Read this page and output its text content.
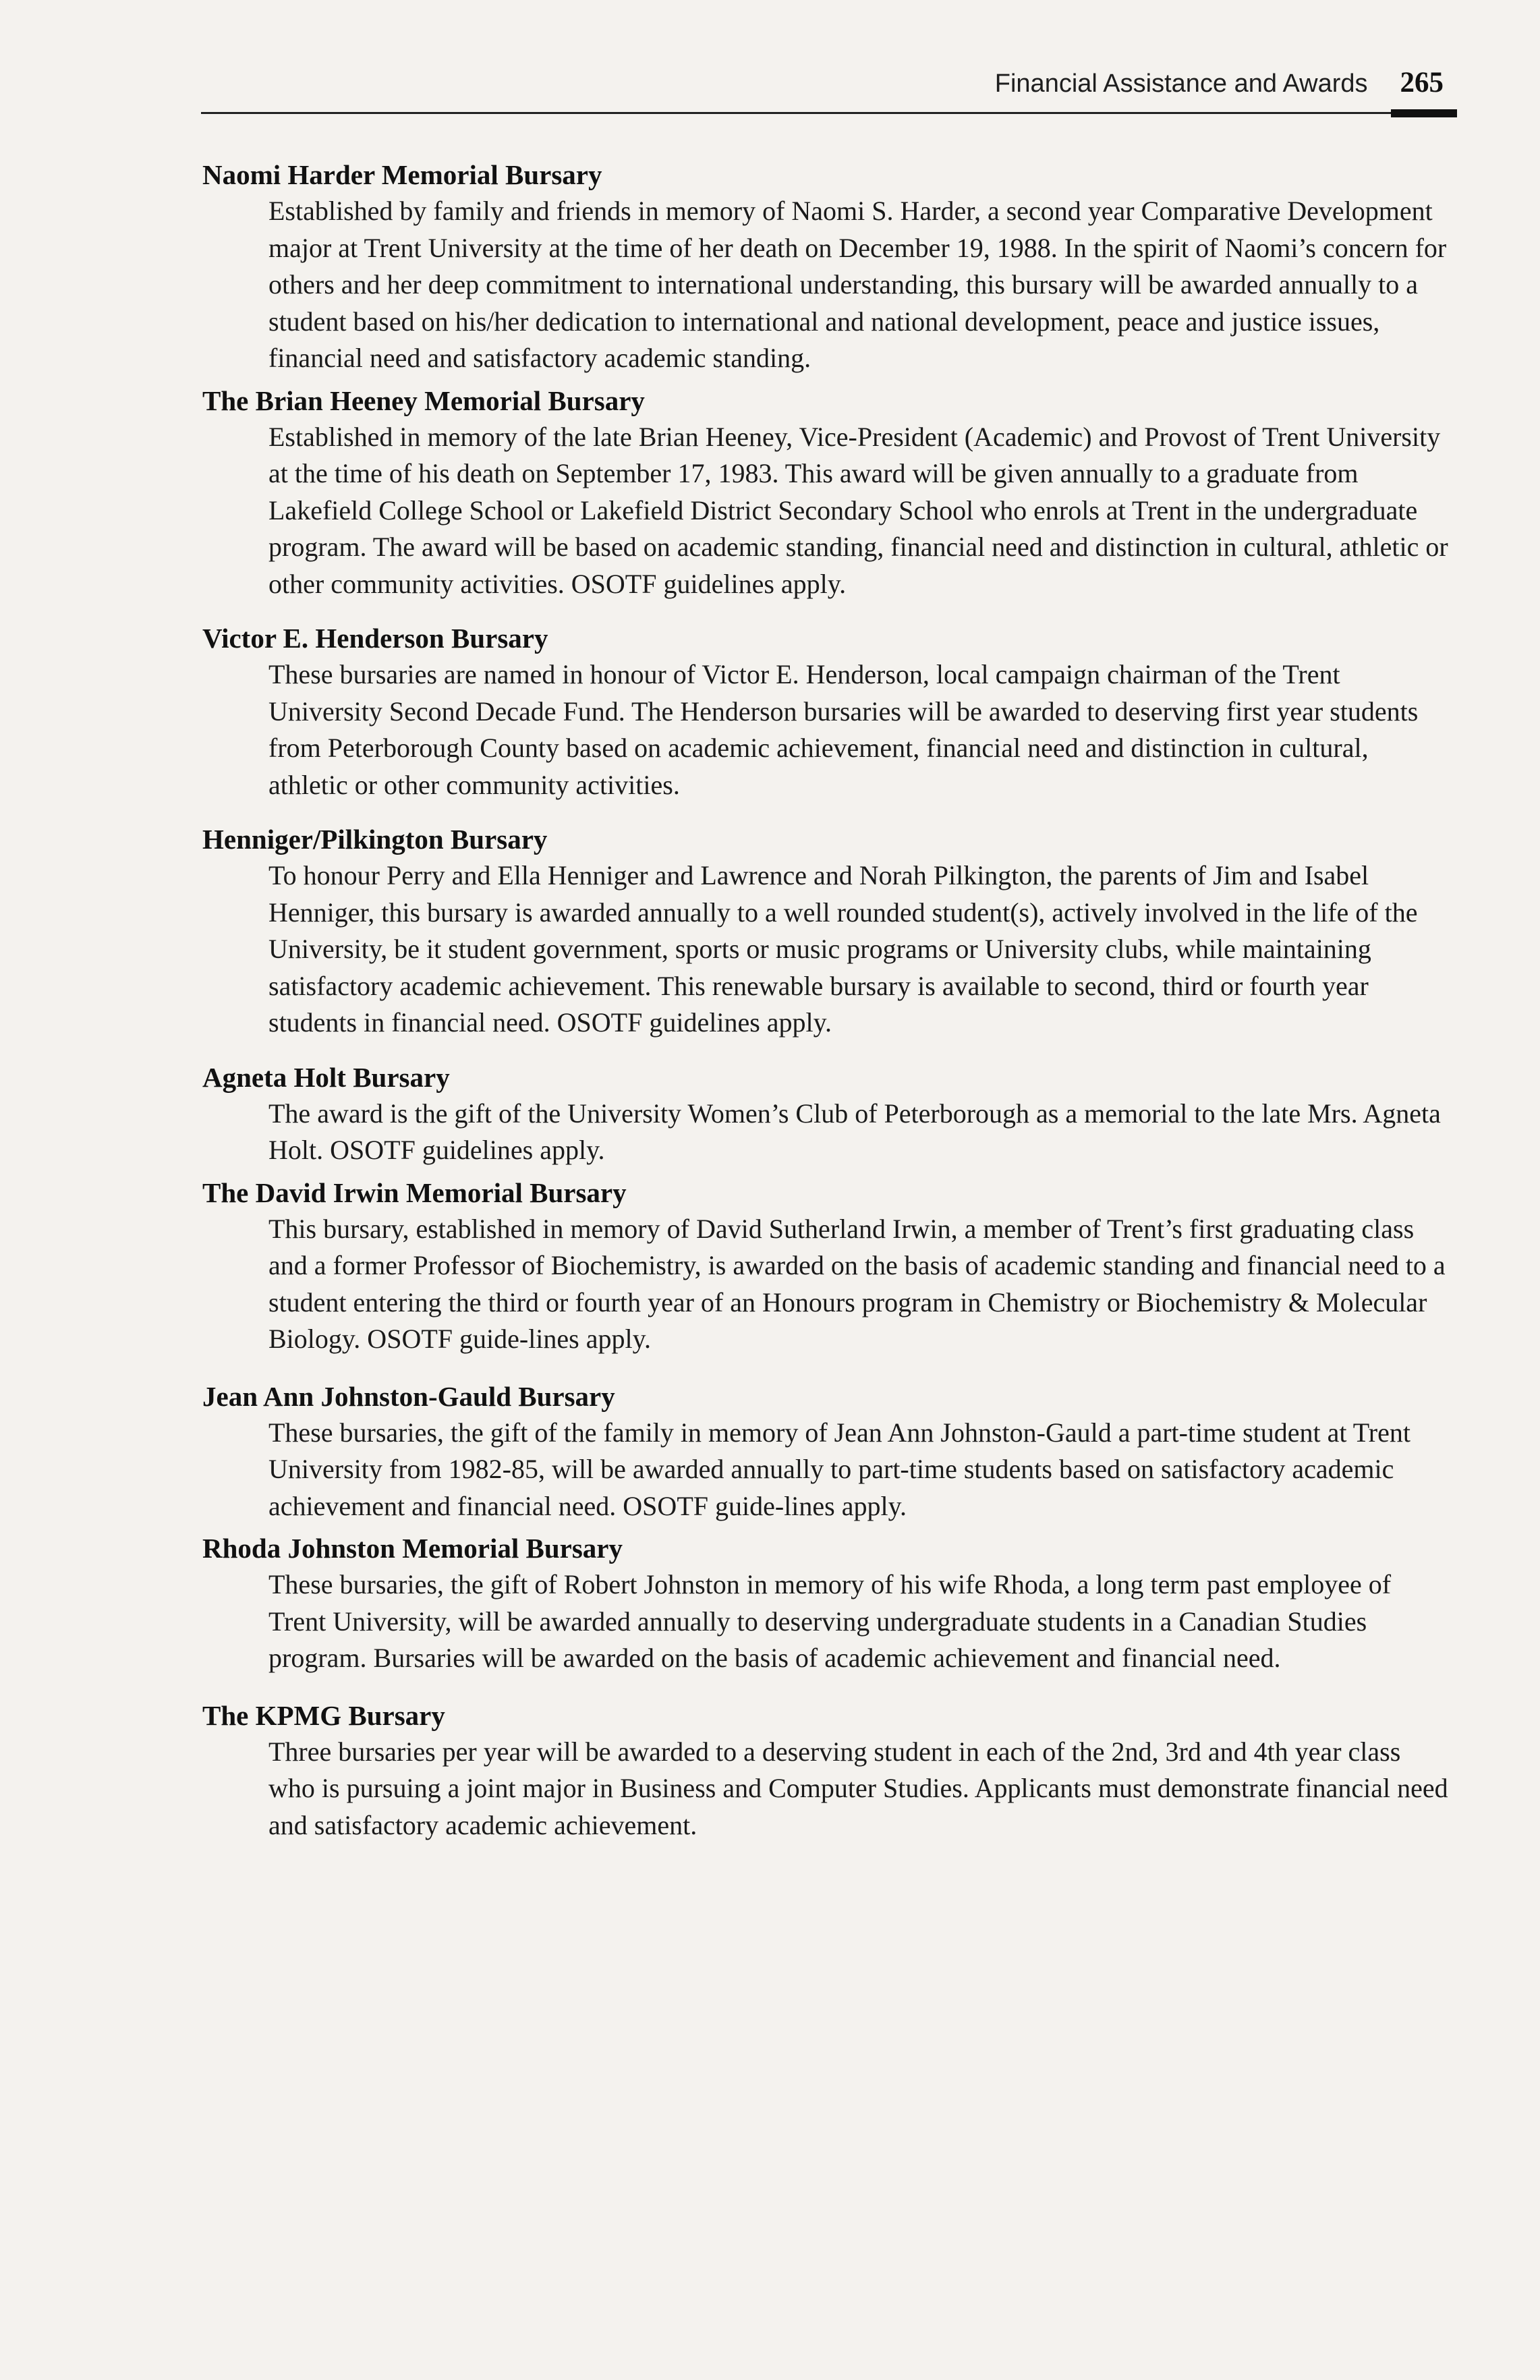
Financial Assistance and Awards 265

Naomi Harder Memorial Bursary

Established by family and friends in memory of Naomi S. Harder, a second year Comparative Development major at Trent University at the time of her death on December 19, 1988. In the spirit of Naomi’s concern for others and her deep commitment to international understanding, this bursary will be awarded annually to a student based on his/her dedication to international and national development, peace and justice issues, financial need and satisfactory academic standing.

The Brian Heeney Memorial Bursary

Established in memory of the late Brian Heeney, Vice-President (Academic) and Provost of Trent University at the time of his death on September 17, 1983. This award will be given annually to a graduate from Lakefield College School or Lakefield District Secondary School who enrols at Trent in the undergraduate program. The award will be based on academic standing, financial need and distinction in cultural, athletic or other community activities. OSOTF guidelines apply.

Victor E. Henderson Bursary

These bursaries are named in honour of Victor E. Henderson, local campaign chairman of the Trent University Second Decade Fund. The Henderson bursaries will be awarded to deserving first year students from Peterborough County based on academic achievement, financial need and distinction in cultural, athletic or other community activities.

Henniger/Pilkington Bursary

To honour Perry and Ella Henniger and Lawrence and Norah Pilkington, the parents of Jim and Isabel Henniger, this bursary is awarded annually to a well rounded student(s), actively involved in the life of the University, be it student government, sports or music programs or University clubs, while maintaining satisfactory academic achievement. This renewable bursary is available to second, third or fourth year students in financial need. OSOTF guidelines apply.

Agneta Holt Bursary

The award is the gift of the University Women’s Club of Peterborough as a memorial to the late Mrs. Agneta Holt. OSOTF guidelines apply.

The David Irwin Memorial Bursary

This bursary, established in memory of David Sutherland Irwin, a member of Trent’s first graduating class and a former Professor of Biochemistry, is awarded on the basis of academic standing and financial need to a student entering the third or fourth year of an Honours program in Chemistry or Biochemistry & Molecular Biology. OSOTF guide-lines apply.

Jean Ann Johnston-Gauld Bursary

These bursaries, the gift of the family in memory of Jean Ann Johnston-Gauld a part-time student at Trent University from 1982-85, will be awarded annually to part-time students based on satisfactory academic achievement and financial need. OSOTF guide-lines apply.

Rhoda Johnston Memorial Bursary

These bursaries, the gift of Robert Johnston in memory of his wife Rhoda, a long term past employee of Trent University, will be awarded annually to deserving undergraduate students in a Canadian Studies program. Bursaries will be awarded on the basis of academic achievement and financial need.

The KPMG Bursary

Three bursaries per year will be awarded to a deserving student in each of the 2nd, 3rd and 4th year class who is pursuing a joint major in Business and Computer Studies. Applicants must demonstrate financial need and satisfactory academic achievement.
